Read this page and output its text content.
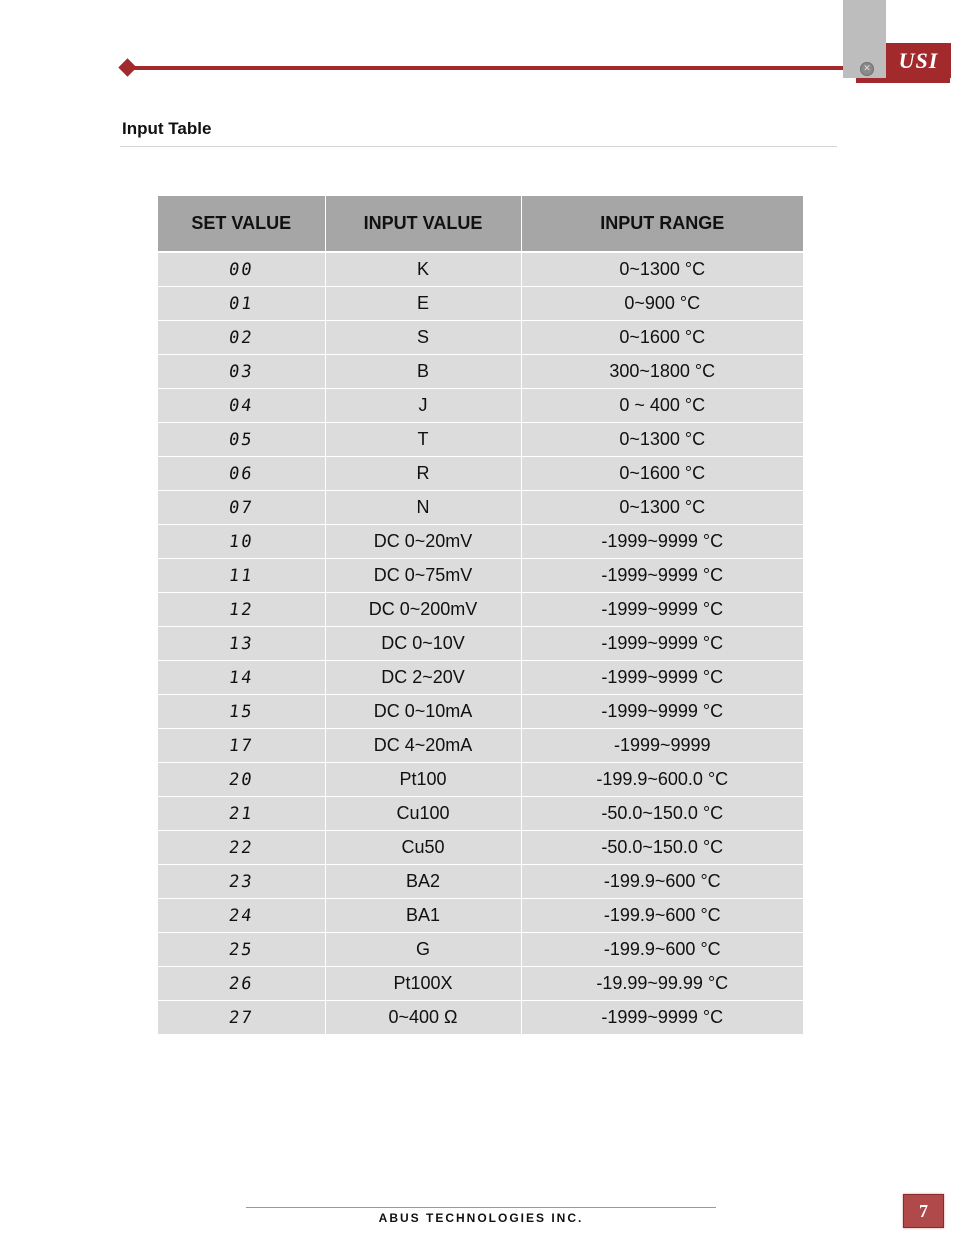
✕ USI
Input Table
SET VALUE	INPUT VALUE	INPUT RANGE
00	K	0~1300 °C
01	E	0~900 °C
02	S	0~1600 °C
03	B	300~1800 °C
04	J	0 ~ 400 °C
05	T	0~1300 °C
06	R	0~1600 °C
07	N	0~1300 °C
10	DC 0~20mV	-1999~9999 °C
11	DC 0~75mV	-1999~9999 °C
12	DC 0~200mV	-1999~9999 °C
13	DC 0~10V	-1999~9999 °C
14	DC 2~20V	-1999~9999 °C
15	DC 0~10mA	-1999~9999 °C
17	DC 4~20mA	-1999~9999
20	Pt100	-199.9~600.0 °C
21	Cu100	-50.0~150.0 °C
22	Cu50	-50.0~150.0 °C
23	BA2	-199.9~600 °C
24	BA1	-199.9~600 °C
25	G	-199.9~600 °C
26	Pt100X	-19.99~99.99 °C
27	0~400 Ω	-1999~9999 °C
ABUS TECHNOLOGIES INC.	7
